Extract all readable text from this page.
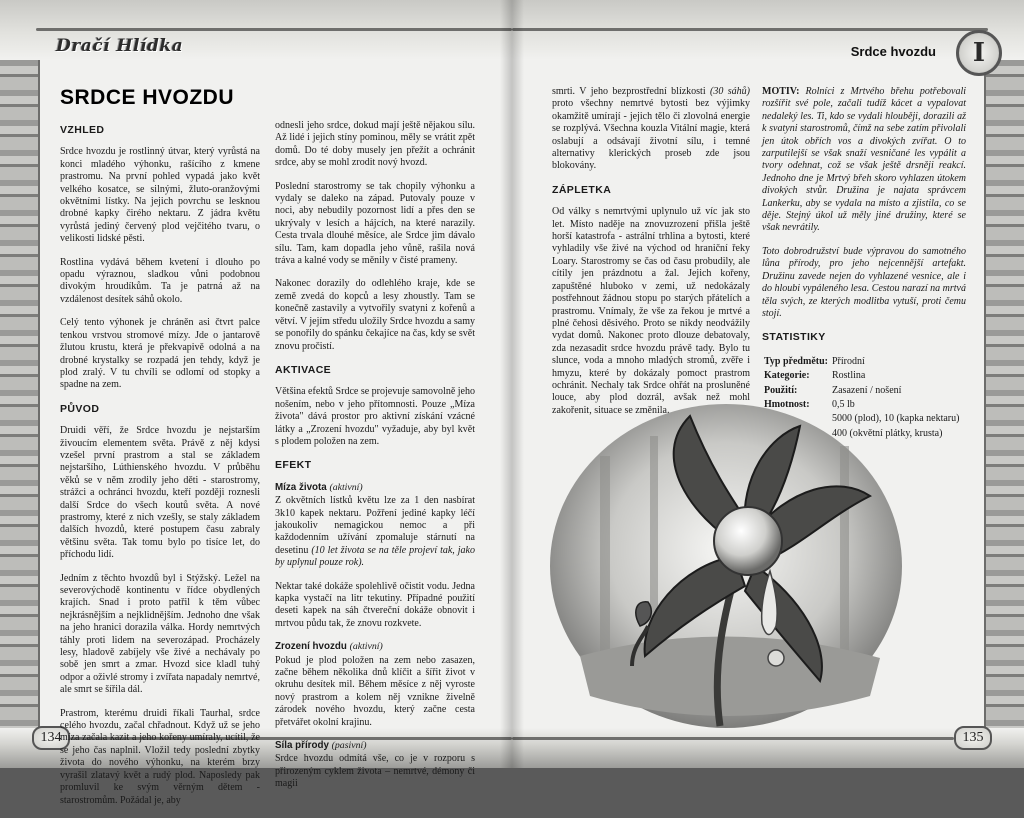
Dračí Hlídka
134
SRDCE HVOZDU
VZHLED

Srdce hvozdu je rostlinný útvar, který vyrůstá na konci mladého výhonku, rašícího z kmene prastromu. Na první pohled vypadá jako květ velkého kosatce, se silnými, žluto-oranžovými okvětními lístky. Na jejich povrchu se lesknou drobné kapky čirého nektaru. Z jádra květu vyrůstá jediný červený plod vejčitého tvaru, o velikosti lidské pěsti.

Rostlina vydává během kvetení i dlouho po opadu výraznou, sladkou vůni podobnou divokým hroudíkům. Ta je patrná až na vzdálenost desítek sáhů okolo.

Celý tento výhonek je chráněn asi čtvrt palce tenkou vrstvou stromové mízy. Jde o jantarově žlutou krustu, která je překvapivě odolná a na drobné krystalky se rozpadá jen tehdy, když je plod zralý. V tu chvíli se odlomí od stopky a spadne na zem.

PŮVOD

Druidi věří, že Srdce hvozdu je nejstarším živoucím elementem světa. Právě z něj kdysi vzešel první prastrom a stal se základem nejstaršího, Lúthienského hvozdu. V průběhu věků se v něm zrodily jeho děti - starostromy, strážci a ochránci hvozdu, kteří později roznesli další Srdce do všech koutů světa. A nové prastromy, které z nich vzešly, se staly základem dalších hvozdů, které postupem času zabraly většinu světa. Tak tomu bylo po tisíce let, do příchodu lidí.

Jedním z těchto hvozdů byl i Stýžský. Ležel na severovýchodě kontinentu v řídce obydlených krajích. Snad i proto patřil k těm vůbec nejkrásnějším a nejklidnějším. Jednoho dne však na jeho hranici dorazila válka. Hordy nemrtvých táhly proti lidem na severozápad. Procházely lesy, hladově zabíjely vše živé a nechávaly po sobě jen smrt a zmar. Hvozd sice kladl tuhý odpor a oživlé stromy i zvířata napadaly nemrtvé, ale smrt se šířila dál.

Prastrom, kterému druidi říkali Taurhal, srdce celého hvozdu, začal chřadnout. Když už se jeho míza začala kazit a jeho kořeny umíraly, ucítil, že se jeho čas naplnil. Vložil tedy poslední zbytky života do nového výhonku, na kterém brzy vyrašil zlatavý květ a rudý plod. Naposledy pak promluvil ke svým věrným dětem - starostromům. Požádal je, aby

odnesli jeho srdce, dokud mají ještě nějakou sílu. Až lidé i jejich stíny pominou, měly se vrátit zpět domů. Do té doby musely jen přežít a ochránit srdce, aby se mohl zrodit nový hvozd.

Poslední starostromy se tak chopily výhonku a vydaly se daleko na západ. Putovaly pouze v noci, aby nebudily pozornost lidí a přes den se ukrývaly v lesích a hájcích, na které narazily. Cesta trvala dlouhé měsíce, ale Srdce jim dávalo sílu. Tam, kam dopadla jeho vůně, rašila nová tráva a kalné vody se měnily v čisté prameny.

Nakonec dorazily do odlehlého kraje, kde se země zvedá do kopců a lesy zhoustly. Tam se konečně zastavily a vytvořily svatyni z kořenů a větví. V jejím středu uložily Srdce hvozdu a samy se ponořily do spánku čekajíce na čas, kdy se svět znovu pročistí.

AKTIVACE

Většina efektů Srdce se projevuje samovolně jeho nošením, nebo v jeho přítomnosti. Pouze „Míza života" dává prostor pro aktivní získání vzácné látky a „Zrození hvozdu" vyžaduje, aby byl květ s plodem položen na zem.

EFEKT
Míza života (aktivní)

Z okvětních lístků květu lze za 1 den nasbírat 3k10 kapek nektaru. Požření jediné kapky léčí jakoukoliv nemagickou nemoc a při každodenním užívání zpomaluje stárnutí na desetinu (10 let života se na těle projeví tak, jako by uplynul pouze rok).

Nektar také dokáže spolehlivě očistit vodu. Jedna kapka vystačí na litr tekutiny. Případné použití deseti kapek na sáh čtvereční dokáže obnovit i mrtvou půdu tak, že znovu rozkvete.

Zrození hvozdu (aktivní)

Pokud je plod položen na zem nebo zasazen, začne během několika dnů klíčit a šířit život v okruhu desítek mil. Během měsíce z něj vyroste nový prastrom a kolem něj vznikne živelně zárodek nového hvozdu, který začne cesta přetvářet okolní krajinu.

Síla přírody (pasivní)

Srdce hvozdu odmítá vše, co je v rozporu s přirozeným cyklem života – nemrtvé, démony či magii

Srdce hvozdu	I
135

smrti. V jeho bezprostřední blízkosti (30 sáhů) proto všechny nemrtvé bytosti bez výjimky okamžitě umírají - jejich tělo či zlovolná energie se rozplývá. Všechna kouzla Vitální magie, která oslabují a odsávají životní sílu, i temné alternativy klerických proseb zde jsou blokovány.

ZÁPLETKA

Od války s nemrtvými uplynulo už víc jak sto let. Místo naděje na znovuzrození přišla ještě horší katastrofa - astrální trhlina a bytosti, které vyhladily vše živé na východ od hraniční řeky Loary. Starostromy se čas od času probudily, ale cítily jen prázdnotu a žal. Jejich kořeny, zapuštěné hluboko v zemi, už nedokázaly postřehnout žádnou stopu po starých přátelích a prastromu. Vnímaly, že vše za řekou je mrtvé a plné čehosi děsivého. Proto se nikdy neodvážily vydat domů. Nakonec proto dlouze debatovaly, zda nezasadit srdce hvozdu právě tady. Bylo tu slunce, voda a mnoho mladých stromů, zvěře i hmyzu, které by dokázaly pomoct prastrom ochránit. Nechaly tak Srdce ohřát na prosluněné louce, aby plod dozrál, avšak než mohl zakořenit, situace se změnila.

MOTIV: Rolníci z Mrtvého břehu potřebovali rozšířit své pole, začali tudíž kácet a vypalovat nedaleký les. Ti, kdo se vydali hlouběji, dorazili až k svatyni starostromů, čímž na sebe zatím přivolali jen útok obřích vos a divokých zvířat. O to zarputilejší se však snaží vesničané les vypálit a tvory odehnat, což se však ještě drsněji reakcí. Jednoho dne je Mrtvý břeh skoro vyhlazen útokem divokých stvůr. Družina je najata správcem Lankerku, aby se vydala na místo a zjistila, co se děje. Stejný úkol už měly jiné družiny, které se však nevrátily.

Toto dobrodružství bude výpravou do samotného lůna přírody, pro jeho nejcennější artefakt. Družinu zavede nejen do vyhlazené vesnice, ale i do hloubi vypáleného lesa. Cestou narazí na mrtvá těla svých, ze kterých modlitba vytuší, proti čemu stojí.

STATISTIKY
Typ předmětu:	Přírodní
Kategorie:	Rostlina
Použití:	Zasazení / nošení
Hmotnost:	0,5 lb
	5000 (plod), 10 (kapka nektaru)
	400 (okvětní plátky, krusta)
